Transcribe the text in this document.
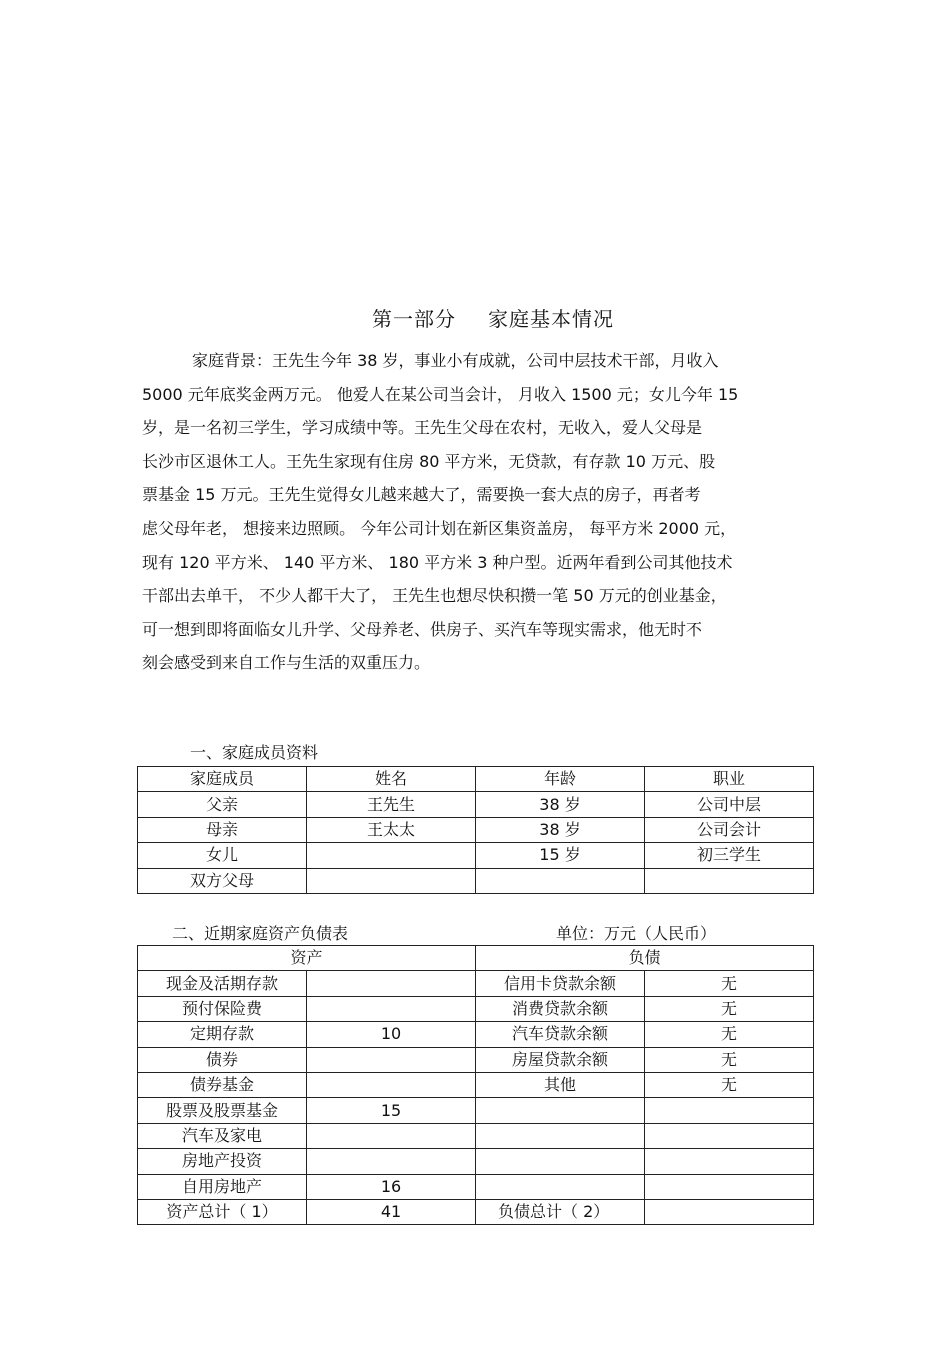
第一部分 家庭基本情况
家庭背景：王先生今年 38 岁，事业小有成就，公司中层技术干部，月收入
5000 元年底奖金两万元。 他爱人在某公司当会计， 月收入 1500 元；女儿今年 15
岁，是一名初三学生，学习成绩中等。王先生父母在农村，无收入，爱人父母是
长沙市区退休工人。王先生家现有住房 80 平方米，无贷款，有存款 10 万元、股
票基金 15 万元。王先生觉得女儿越来越大了，需要换一套大点的房子，再者考
虑父母年老， 想接来边照顾。 今年公司计划在新区集资盖房， 每平方米 2000 元，
现有 120 平方米、 140 平方米、 180 平方米 3 种户型。近两年看到公司其他技术
干部出去单干， 不少人都干大了， 王先生也想尽快积攒一笔 50 万元的创业基金，
可一想到即将面临女儿升学、父母养老、供房子、买汽车等现实需求，他无时不
刻会感受到来自工作与生活的双重压力。
一、家庭成员资料
家庭成员	姓名	年龄	职业
父亲	王先生	38 岁	公司中层
母亲	王太太	38 岁	公司会计
女儿		15 岁	初三学生
双方父母			
二、近期家庭资产负债表	单位：万元（人民币）
资产		负债	
现金及活期存款		信用卡贷款余额	无
预付保险费		消费贷款余额	无
定期存款	10	汽车贷款余额	无
债券		房屋贷款余额	无
债券基金		其他	无
股票及股票基金	15		
汽车及家电			
房地产投资			
自用房地产	16		
资产总计（ 1）	41	负债总计（ 2）	
